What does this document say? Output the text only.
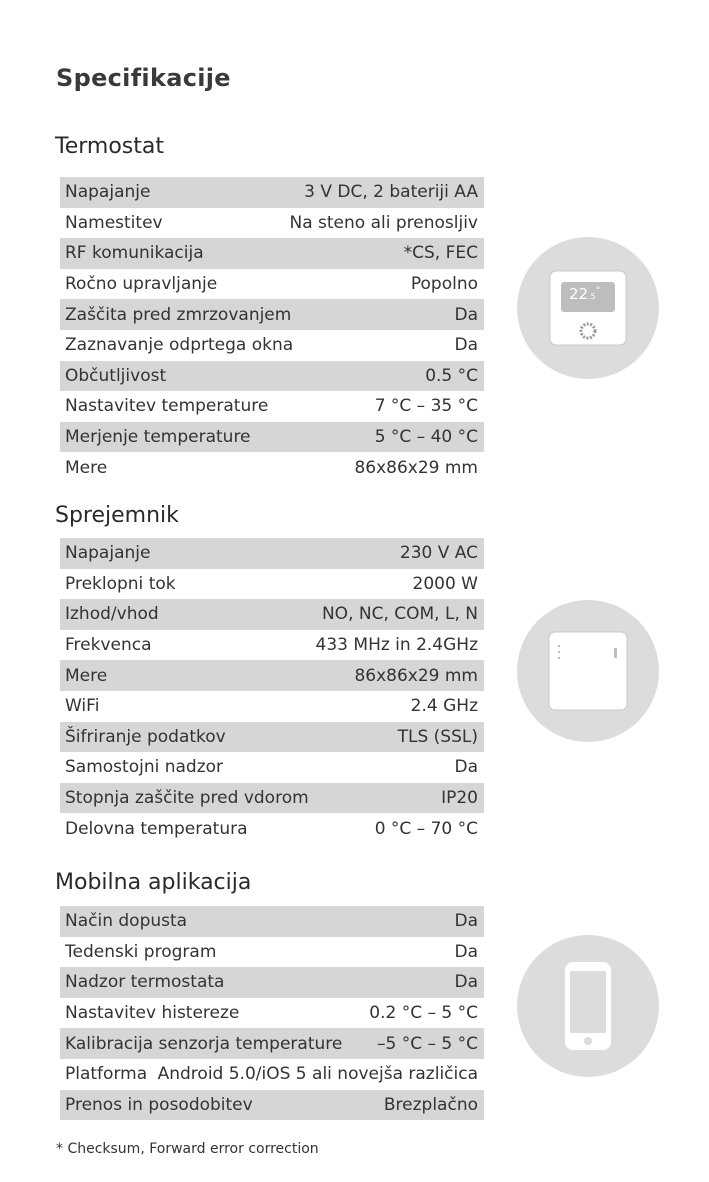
Specifikacije
Termostat
Napajanje	3 V DC, 2 bateriji AA
Namestitev	Na steno ali prenosljiv
RF komunikacija	*CS, FEC
Ročno upravljanje	Popolno
Zaščita pred zmrzovanjem	Da
Zaznavanje odprtega okna	Da
Občutljivost	0.5 °C
Nastavitev temperature	7 °C – 35 °C
Merjenje temperature	5 °C – 40 °C
Mere	86x86x29 mm
22.5°
Sprejemnik
Napajanje	230 V AC
Preklopni tok	2000 W
Izhod/vhod	NO, NC, COM, L, N
Frekvenca	433 MHz in 2.4GHz
Mere	86x86x29 mm
WiFi	2.4 GHz
Šifriranje podatkov	TLS (SSL)
Samostojni nadzor	Da
Stopnja zaščite pred vdorom	IP20
Delovna temperatura	0 °C – 70 °C
Mobilna aplikacija
Način dopusta	Da
Tedenski program	Da
Nadzor termostata	Da
Nastavitev histereze	0.2 °C – 5 °C
Kalibracija senzorja temperature –5 °C – 5 °C
Platforma Android 5.0/iOS 5 ali novejša različica
Prenos in posodobitev	Brezplačno
* Checksum, Forward error correction
